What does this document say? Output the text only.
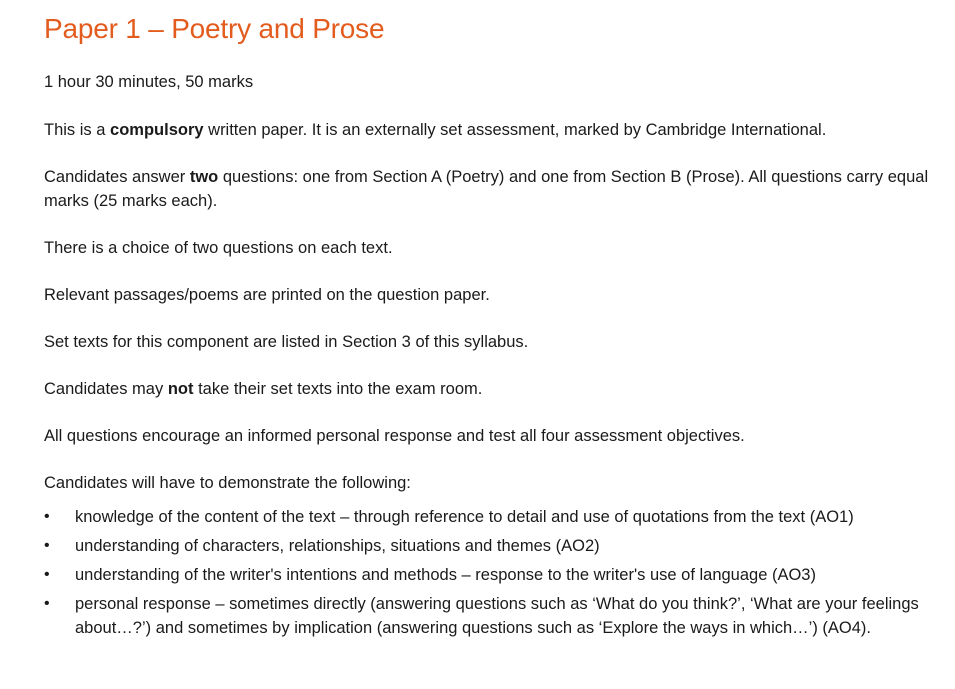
Paper 1 – Poetry and Prose

1 hour 30 minutes, 50 marks

This is a compulsory written paper. It is an externally set assessment, marked by Cambridge International.

Candidates answer two questions: one from Section A (Poetry) and one from Section B (Prose). All questions carry equal marks (25 marks each).

There is a choice of two questions on each text.

Relevant passages/poems are printed on the question paper.

Set texts for this component are listed in Section 3 of this syllabus.

Candidates may not take their set texts into the exam room.

All questions encourage an informed personal response and test all four assessment objectives.

Candidates will have to demonstrate the following:

• knowledge of the content of the text – through reference to detail and use of quotations from the text (AO1)
• understanding of characters, relationships, situations and themes (AO2)
• understanding of the writer's intentions and methods – response to the writer's use of language (AO3)
• personal response – sometimes directly (answering questions such as ‘What do you think?’, ‘What are your feelings about…?’) and sometimes by implication (answering questions such as ‘Explore the ways in which…’) (AO4).
